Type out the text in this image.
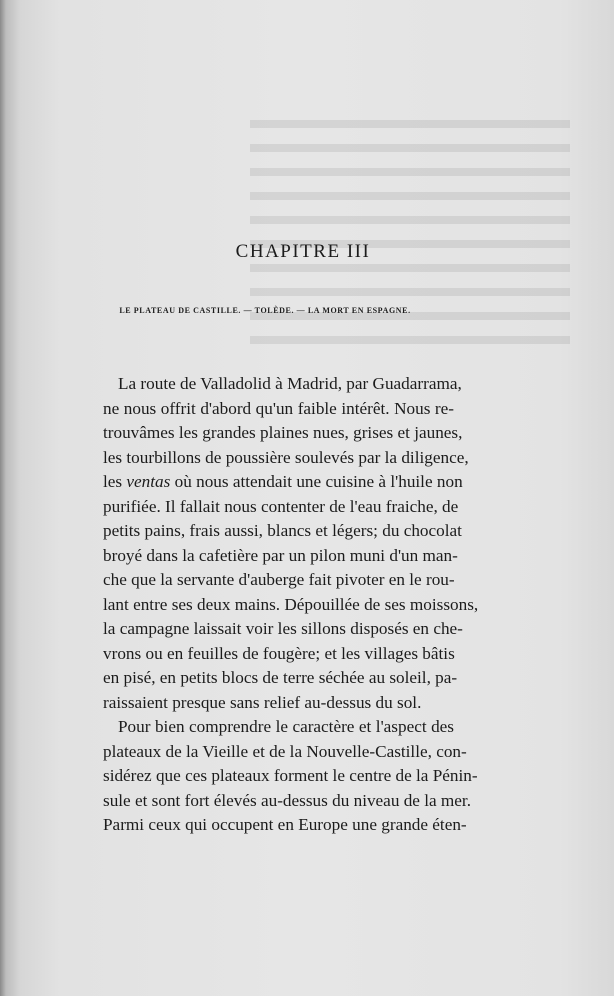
CHAPITRE III
LE PLATEAU DE CASTILLE. — TOLÈDE. — LA MORT EN ESPAGNE.
La route de Valladolid à Madrid, par Guadarrama,
ne nous offrit d'abord qu'un faible intérêt. Nous re-
trouvâmes les grandes plaines nues, grises et jaunes,
les tourbillons de poussière soulevés par la diligence,
les ventas où nous attendait une cuisine à l'huile non
purifiée. Il fallait nous contenter de l'eau fraiche, de
petits pains, frais aussi, blancs et légers; du chocolat
broyé dans la cafetière par un pilon muni d'un man-
che que la servante d'auberge fait pivoter en le rou-
lant entre ses deux mains. Dépouillée de ses moissons,
la campagne laissait voir les sillons disposés en che-
vrons ou en feuilles de fougère; et les villages bâtis
en pisé, en petits blocs de terre séchée au soleil, pa-
raissaient presque sans relief au-dessus du sol.
Pour bien comprendre le caractère et l'aspect des
plateaux de la Vieille et de la Nouvelle-Castille, con-
sidérez que ces plateaux forment le centre de la Pénin-
sule et sont fort élevés au-dessus du niveau de la mer.
Parmi ceux qui occupent en Europe une grande éten-
